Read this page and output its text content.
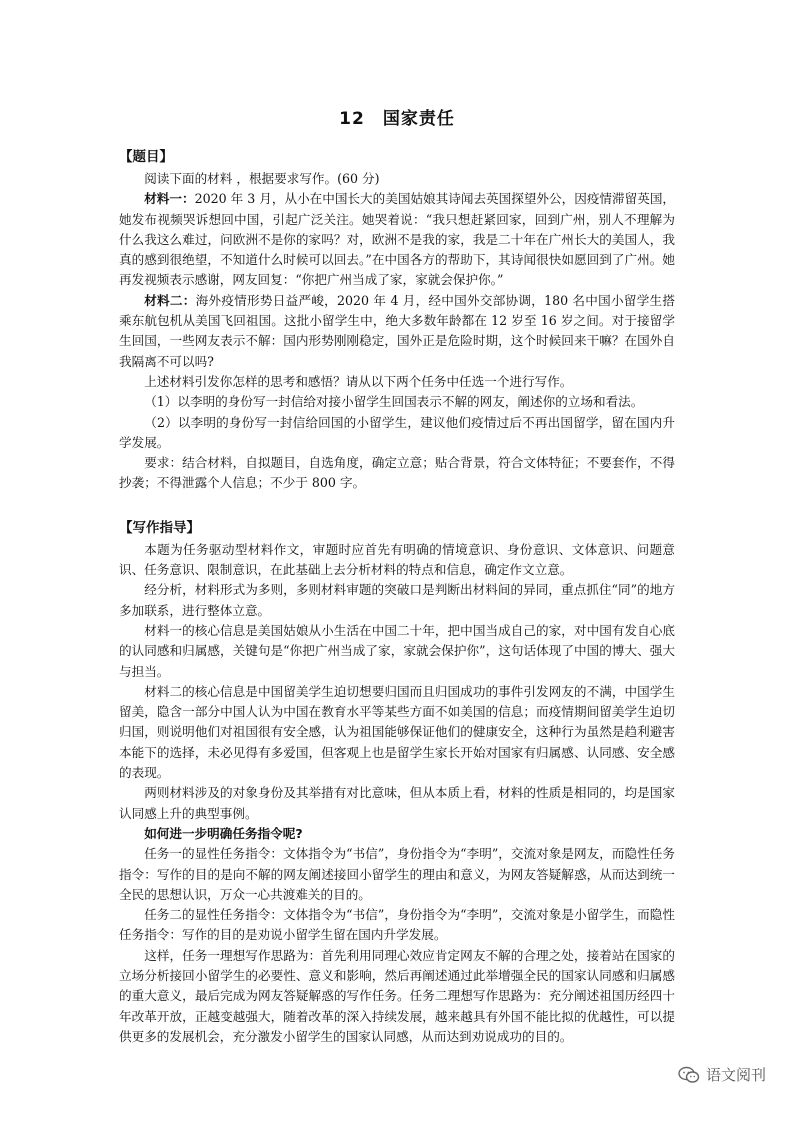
12　国家责任
【题目】

阅读下面的材料 ，根据要求写作。(60 分)

材料一：2020 年 3 月，从小在中国长大的美国姑娘其诗闻去英国探望外公，因疫情滞留英国，她发布视频哭诉想回中国，引起广泛关注。她哭着说：“我只想赶紧回家，回到广州，别人不理解为什么我这么难过，问欧洲不是你的家吗？对，欧洲不是我的家，我是二十年在广州长大的美国人，我真的感到很绝望，不知道什么时候可以回去。”在中国各方的帮助下，其诗闻很快如愿回到了广州。她再发视频表示感谢，网友回复：“你把广州当成了家，家就会保护你。”

材料二：海外疫情形势日益严峻，2020 年 4 月，经中国外交部协调，180 名中国小留学生搭乘东航包机从美国飞回祖国。这批小留学生中，绝大多数年龄都在 12 岁至 16 岁之间。对于接留学生回国，一些网友表示不解：国内形势刚刚稳定，国外正是危险时期，这个时候回来干嘛？在国外自我隔离不可以吗?

上述材料引发你怎样的思考和感悟？请从以下两个任务中任选一个进行写作。

（1）以李明的身份写一封信给对接小留学生回国表示不解的网友，阐述你的立场和看法。

（2）以李明的身份写一封信给回国的小留学生，建议他们疫情过后不再出国留学，留在国内升学发展。

要求：结合材料，自拟题目，自选角度，确定立意；贴合背景，符合文体特征；不要套作，不得抄袭；不得泄露个人信息；不少于 800 字。

【写作指导】

本题为任务驱动型材料作文，审题时应首先有明确的情境意识、身份意识、文体意识、问题意识、任务意识、限制意识，在此基础上去分析材料的特点和信息，确定作文立意。

经分析，材料形式为多则，多则材料审题的突破口是判断出材料间的异同，重点抓住“同”的地方多加联系，进行整体立意。

材料一的核心信息是美国姑娘从小生活在中国二十年，把中国当成自己的家，对中国有发自心底的认同感和归属感，关键句是“你把广州当成了家，家就会保护你”，这句话体现了中国的博大、强大与担当。

材料二的核心信息是中国留美学生迫切想要归国而且归国成功的事件引发网友的不满，中国学生留美，隐含一部分中国人认为中国在教育水平等某些方面不如美国的信息；而疫情期间留美学生迫切归国，则说明他们对祖国很有安全感，认为祖国能够保证他们的健康安全，这种行为虽然是趋利避害本能下的选择，未必见得有多爱国，但客观上也是留学生家长开始对国家有归属感、认同感、安全感的表现。

两则材料涉及的对象身份及其举措有对比意味，但从本质上看，材料的性质是相同的，均是国家认同感上升的典型事例。

如何进一步明确任务指令呢?

任务一的显性任务指令：文体指令为“书信”，身份指令为“李明”，交流对象是网友，而隐性任务指令：写作的目的是向不解的网友阐述接回小留学生的理由和意义，为网友答疑解惑，从而达到统一全民的思想认识，万众一心共渡难关的目的。

任务二的显性任务指令：文体指令为“书信”，身份指令为“李明”，交流对象是小留学生，而隐性任务指令：写作的目的是劝说小留学生留在国内升学发展。

这样，任务一理想写作思路为：首先利用同理心效应肯定网友不解的合理之处，接着站在国家的立场分析接回小留学生的必要性、意义和影响，然后再阐述通过此举增强全民的国家认同感和归属感的重大意义，最后完成为网友答疑解惑的写作任务。任务二理想写作思路为：充分阐述祖国历经四十年改革开放，正越变越强大，随着改革的深入持续发展，越来越具有外国不能比拟的优越性，可以提供更多的发展机会，充分激发小留学生的国家认同感，从而达到劝说成功的目的。

语文阅刊
